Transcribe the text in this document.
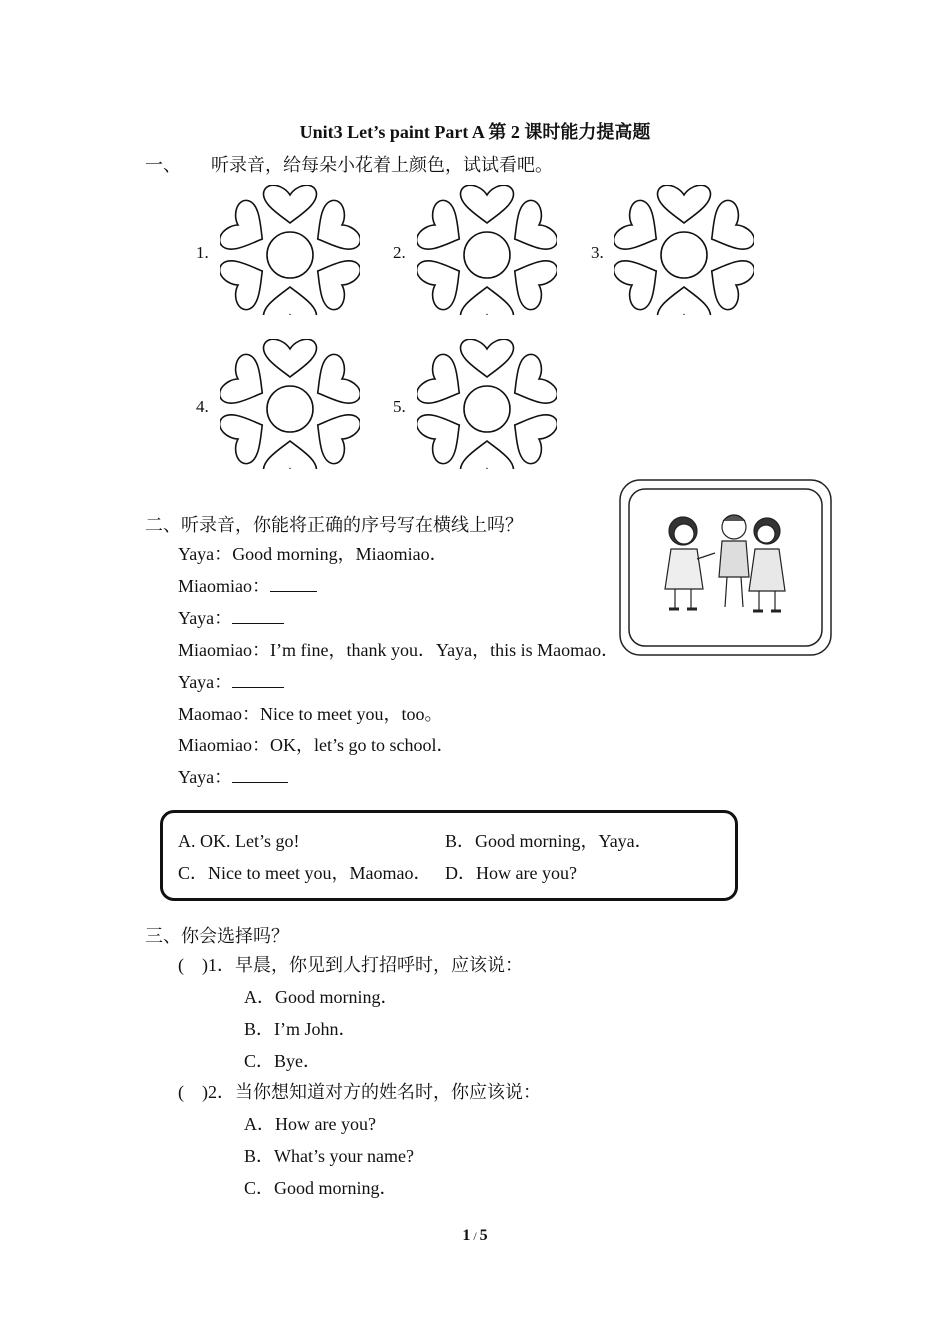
Unit3 Let’s paint Part A 第 2 课时能力提高题
一、 听录音，给每朵小花着上颜色，试试看吧。
1.	2.	3.
4.	5.
二、听录音，你能将正确的序号写在横线上吗？
Yaya：Good morning，Miaomiao．
Miaomiao：
Yaya：
Miaomiao：I’m fine，thank you．Yaya，this is Maomao．
Yaya：
Maomao：Nice to meet you，too。
Miaomiao：OK，let’s go to school．
Yaya：
A. OK. Let’s go!	B．Good morning，Yaya．
C．Nice to meet you，Maomao． D．How are you?
三、你会选择吗？
(　)1．早晨，你见到人打招呼时，应该说：
A．Good morning．
B．I’m John．
C．Bye．
(　)2．当你想知道对方的姓名时，你应该说：
A．How are you?
B．What’s your name?
C．Good morning．
1 / 5
